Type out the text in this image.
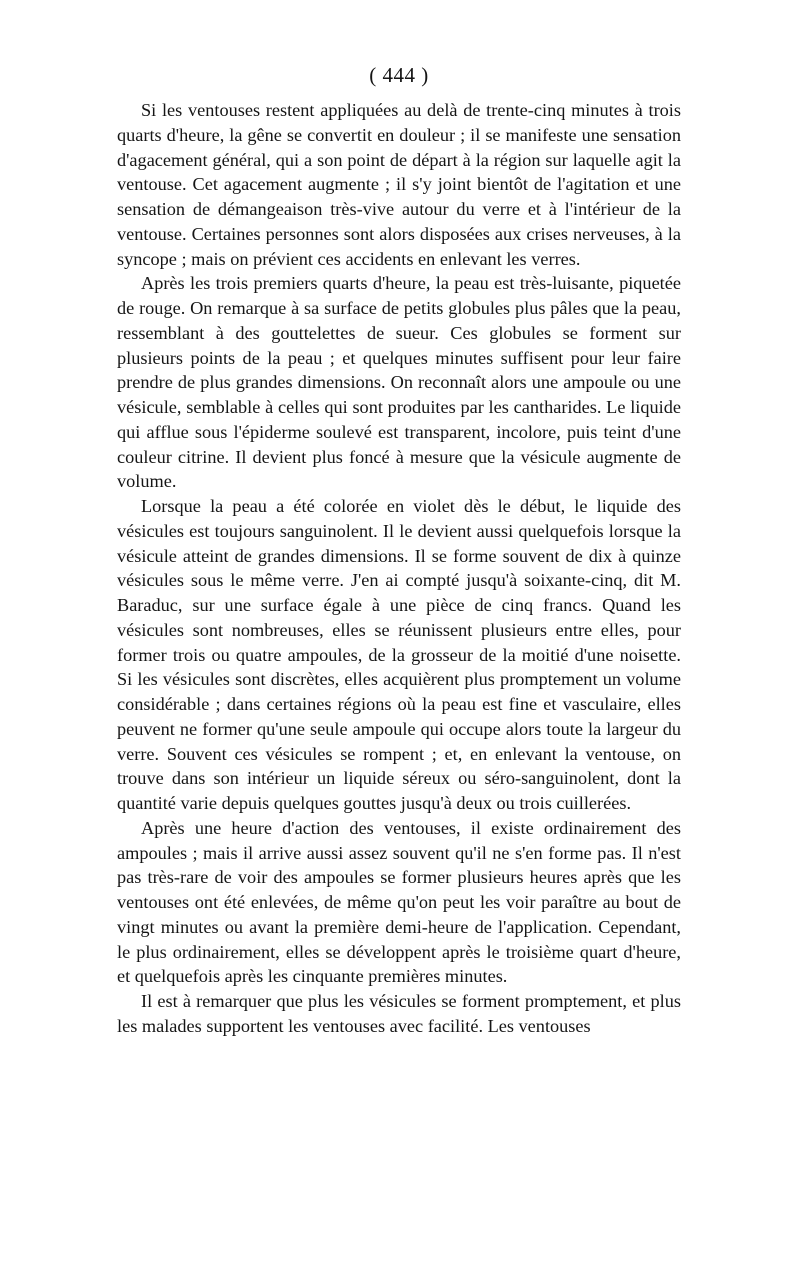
( 444 )

Si les ventouses restent appliquées au delà de trente-cinq minutes à trois quarts d'heure, la gêne se convertit en douleur ; il se manifeste une sensation d'agacement général, qui a son point de départ à la région sur laquelle agit la ventouse. Cet agacement augmente ; il s'y joint bientôt de l'agitation et une sensation de démangeaison très-vive autour du verre et à l'intérieur de la ventouse. Certaines personnes sont alors disposées aux crises nerveuses, à la syncope ; mais on prévient ces accidents en enlevant les verres.

Après les trois premiers quarts d'heure, la peau est très-luisante, piquetée de rouge. On remarque à sa surface de petits globules plus pâles que la peau, ressemblant à des gouttelettes de sueur. Ces globules se forment sur plusieurs points de la peau ; et quelques minutes suffisent pour leur faire prendre de plus grandes dimensions. On reconnaît alors une ampoule ou une vésicule, semblable à celles qui sont produites par les cantharides. Le liquide qui afflue sous l'épiderme soulevé est transparent, incolore, puis teint d'une couleur citrine. Il devient plus foncé à mesure que la vésicule augmente de volume.

Lorsque la peau a été colorée en violet dès le début, le liquide des vésicules est toujours sanguinolent. Il le devient aussi quelquefois lorsque la vésicule atteint de grandes dimensions. Il se forme souvent de dix à quinze vésicules sous le même verre. J'en ai compté jusqu'à soixante-cinq, dit M. Baraduc, sur une surface égale à une pièce de cinq francs. Quand les vésicules sont nombreuses, elles se réunissent plusieurs entre elles, pour former trois ou quatre ampoules, de la grosseur de la moitié d'une noisette. Si les vésicules sont discrètes, elles acquièrent plus promptement un volume considérable ; dans certaines régions où la peau est fine et vasculaire, elles peuvent ne former qu'une seule ampoule qui occupe alors toute la largeur du verre. Souvent ces vésicules se rompent ; et, en enlevant la ventouse, on trouve dans son intérieur un liquide séreux ou séro-sanguinolent, dont la quantité varie depuis quelques gouttes jusqu'à deux ou trois cuillerées.

Après une heure d'action des ventouses, il existe ordinairement des ampoules ; mais il arrive aussi assez souvent qu'il ne s'en forme pas. Il n'est pas très-rare de voir des ampoules se former plusieurs heures après que les ventouses ont été enlevées, de même qu'on peut les voir paraître au bout de vingt minutes ou avant la première demi-heure de l'application. Cependant, le plus ordinairement, elles se développent après le troisième quart d'heure, et quelquefois après les cinquante premières minutes.

Il est à remarquer que plus les vésicules se forment promptement, et plus les malades supportent les ventouses avec facilité. Les ventouses
